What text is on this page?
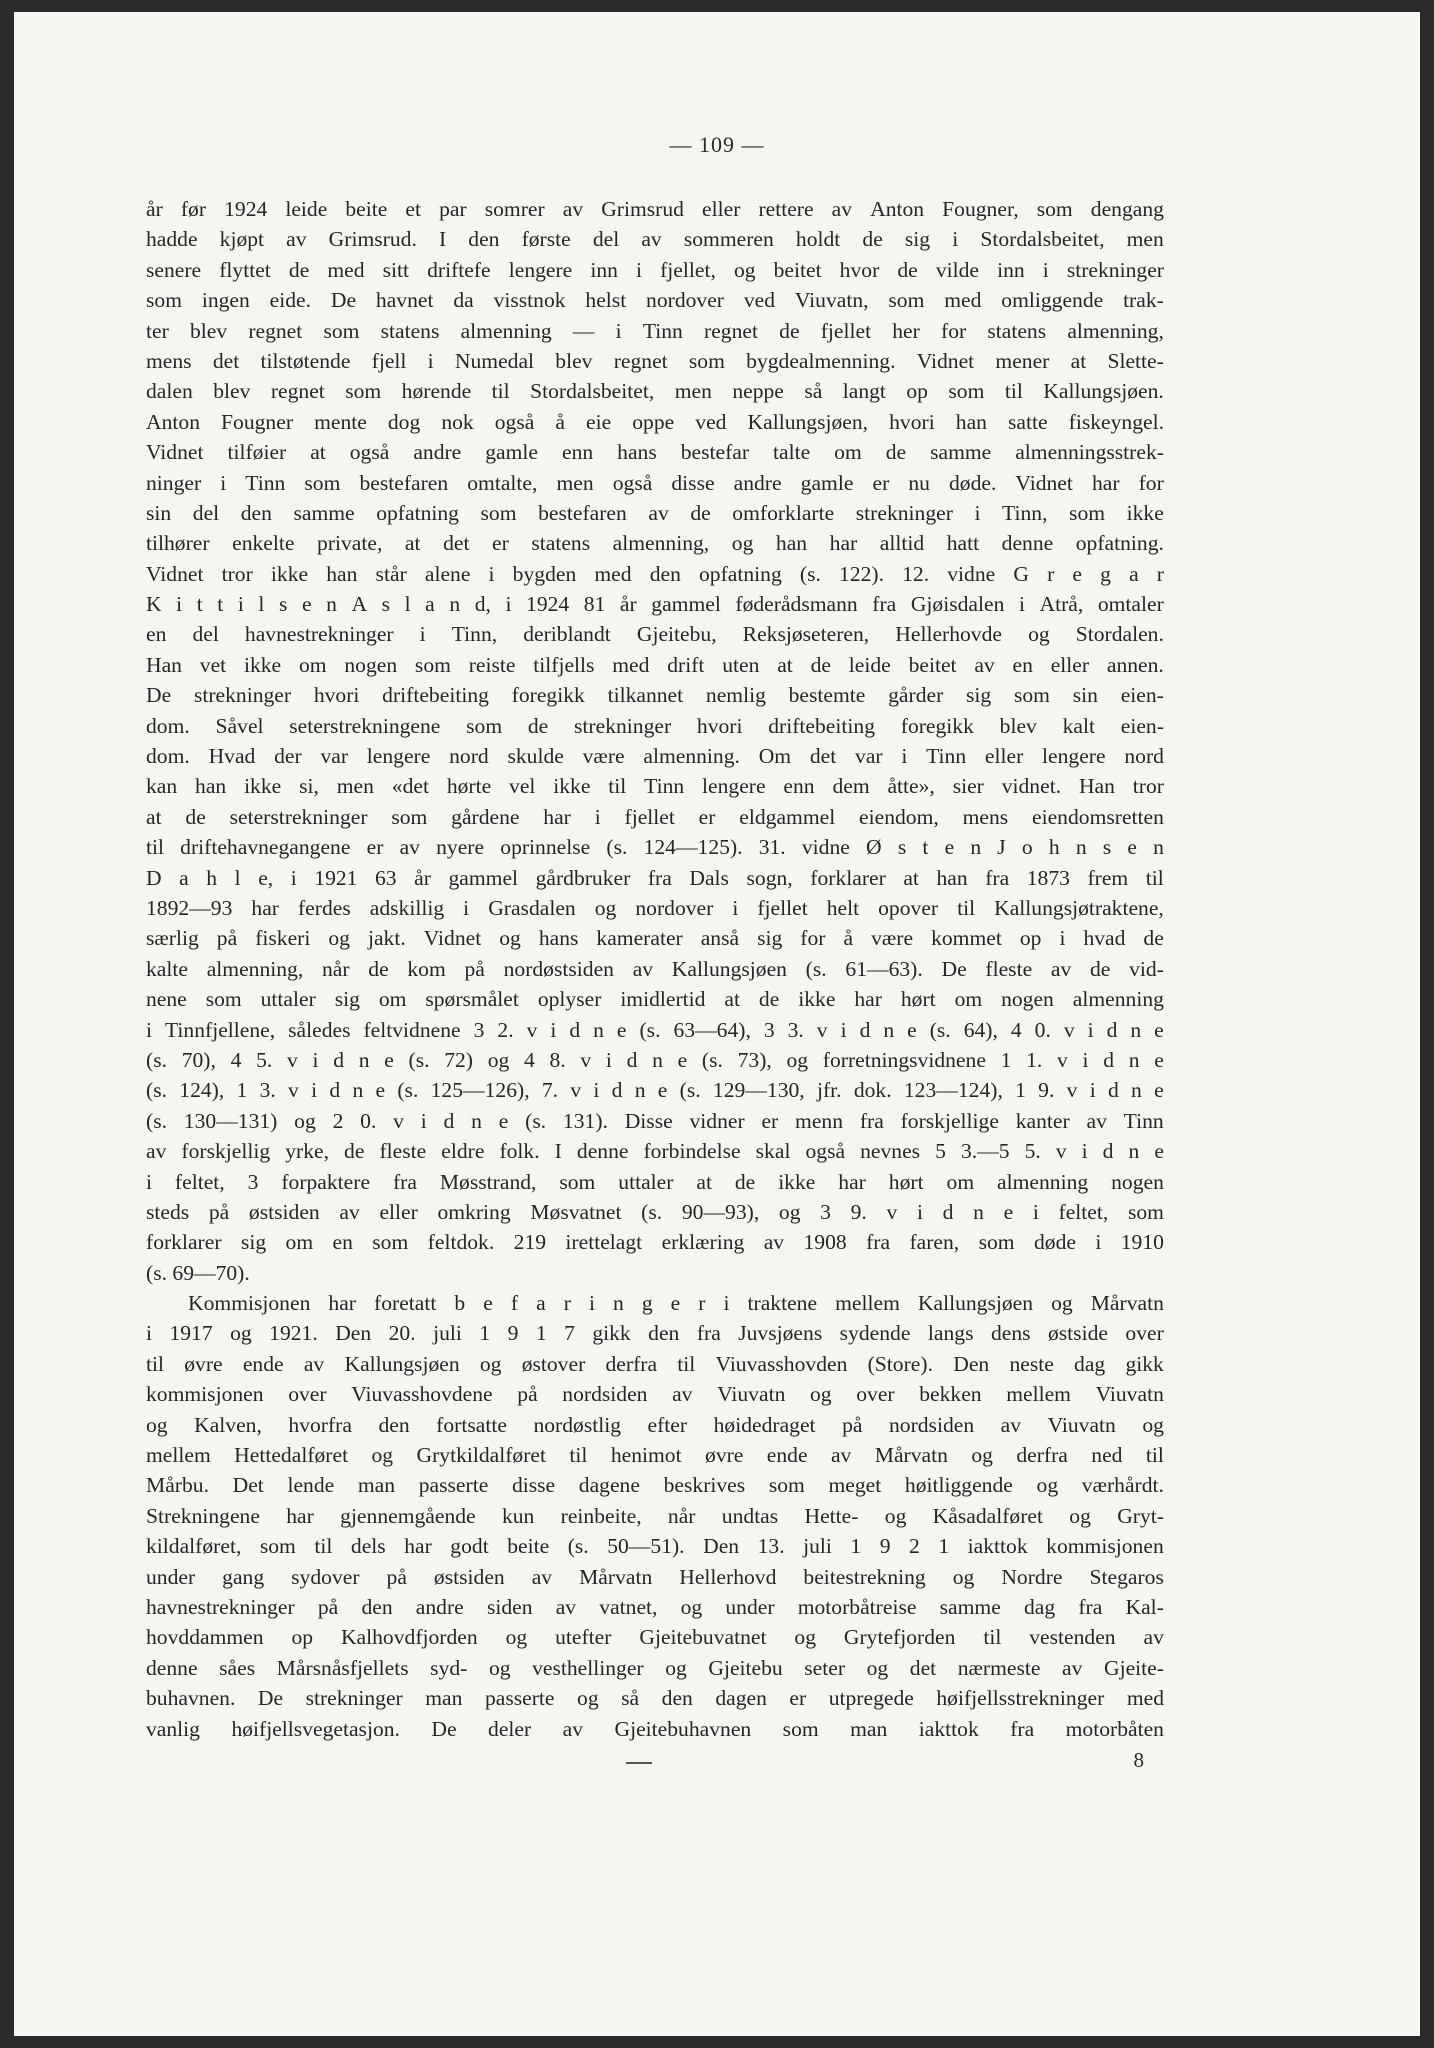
— 109 —
år før 1924 leide beite et par somrer av Grimsrud eller rettere av Anton Fougner, som dengang
hadde kjøpt av Grimsrud. I den første del av sommeren holdt de sig i Stordalsbeitet, men
senere flyttet de med sitt driftefe lengere inn i fjellet, og beitet hvor de vilde inn i strekninger
som ingen eide. De havnet da visstnok helst nordover ved Viuvatn, som med omliggende trak-
ter blev regnet som statens almenning — i Tinn regnet de fjellet her for statens almenning,
mens det tilstøtende fjell i Numedal blev regnet som bygdealmenning. Vidnet mener at Slette-
dalen blev regnet som hørende til Stordalsbeitet, men neppe så langt op som til Kallungsjøen.
Anton Fougner mente dog nok også å eie oppe ved Kallungsjøen, hvori han satte fiskeyngel.
Vidnet tilføier at også andre gamle enn hans bestefar talte om de samme almenningsstrek-
ninger i Tinn som bestefaren omtalte, men også disse andre gamle er nu døde. Vidnet har for
sin del den samme opfatning som bestefaren av de omforklarte strekninger i Tinn, som ikke
tilhører enkelte private, at det er statens almenning, og han har alltid hatt denne opfatning.
Vidnet tror ikke han står alene i bygden med den opfatning (s. 122). 12. vidne G r e g a r
K i t t i l s e n A s l a n d, i 1924 81 år gammel føderådsmann fra Gjøisdalen i Atrå, omtaler
en del havnestrekninger i Tinn, deriblandt Gjeitebu, Reksjøseteren, Hellerhovde og Stordalen.
Han vet ikke om nogen som reiste tilfjells med drift uten at de leide beitet av en eller annen.
De strekninger hvori driftebeiting foregikk tilkannet nemlig bestemte gårder sig som sin eien-
dom. Såvel seterstrekningene som de strekninger hvori driftebeiting foregikk blev kalt eien-
dom. Hvad der var lengere nord skulde være almenning. Om det var i Tinn eller lengere nord
kan han ikke si, men «det hørte vel ikke til Tinn lengere enn dem åtte», sier vidnet. Han tror
at de seterstrekninger som gårdene har i fjellet er eldgammel eiendom, mens eiendomsretten
til driftehavnegangene er av nyere oprinnelse (s. 124—125). 31. vidne Ø s t e n J o h n s e n
D a h l e, i 1921 63 år gammel gårdbruker fra Dals sogn, forklarer at han fra 1873 frem til
1892—93 har ferdes adskillig i Grasdalen og nordover i fjellet helt opover til Kallungsjøtraktene,
særlig på fiskeri og jakt. Vidnet og hans kamerater anså sig for å være kommet op i hvad de
kalte almenning, når de kom på nordøstsiden av Kallungsjøen (s. 61—63). De fleste av de vid-
nene som uttaler sig om spørsmålet oplyser imidlertid at de ikke har hørt om nogen almenning
i Tinnfjellene, således feltvidnene 3 2. v i d n e (s. 63—64), 3 3. v i d n e (s. 64), 4 0. v i d n e
(s. 70), 4 5. v i d n e (s. 72) og 4 8. v i d n e (s. 73), og forretningsvidnene 1 1. v i d n e
(s. 124), 1 3. v i d n e (s. 125—126), 7. v i d n e (s. 129—130, jfr. dok. 123—124), 1 9. v i d n e
(s. 130—131) og 2 0. v i d n e (s. 131). Disse vidner er menn fra forskjellige kanter av Tinn
av forskjellig yrke, de fleste eldre folk. I denne forbindelse skal også nevnes 5 3.—5 5. v i d n e
i feltet, 3 forpaktere fra Møsstrand, som uttaler at de ikke har hørt om almenning nogen
steds på østsiden av eller omkring Møsvatnet (s. 90—93), og 3 9. v i d n e i feltet, som
forklarer sig om en som feltdok. 219 irettelagt erklæring av 1908 fra faren, som døde i 1910
(s. 69—70).
Kommisjonen har foretatt b e f a r i n g e r i traktene mellem Kallungsjøen og Mårvatn
i 1917 og 1921. Den 20. juli 1 9 1 7 gikk den fra Juvsjøens sydende langs dens østside over
til øvre ende av Kallungsjøen og østover derfra til Viuvasshovden (Store). Den neste dag gikk
kommisjonen over Viuvasshovdene på nordsiden av Viuvatn og over bekken mellem Viuvatn
og Kalven, hvorfra den fortsatte nordøstlig efter høidedraget på nordsiden av Viuvatn og
mellem Hettedalføret og Grytkildalføret til henimot øvre ende av Mårvatn og derfra ned til
Mårbu. Det lende man passerte disse dagene beskrives som meget høitliggende og værhårdt.
Strekningene har gjennemgående kun reinbeite, når undtas Hette- og Kåsadalføret og Gryt-
kildalføret, som til dels har godt beite (s. 50—51). Den 13. juli 1 9 2 1 iakttok kommisjonen
under gang sydover på østsiden av Mårvatn Hellerhovd beitestrekning og Nordre Stegaros
havnestrekninger på den andre siden av vatnet, og under motorbåtreise samme dag fra Kal-
hovddammen op Kalhovdfjorden og utefter Gjeitebuvatnet og Grytefjorden til vestenden av
denne såes Mårsnåsfjellets syd- og vesthellinger og Gjeitebu seter og det nærmeste av Gjeite-
buhavnen. De strekninger man passerte og så den dagen er utpregede høifjellsstrekninger med
vanlig høifjellsvegetasjon. De deler av Gjeitebuhavnen som man iakttok fra motorbåten
8
